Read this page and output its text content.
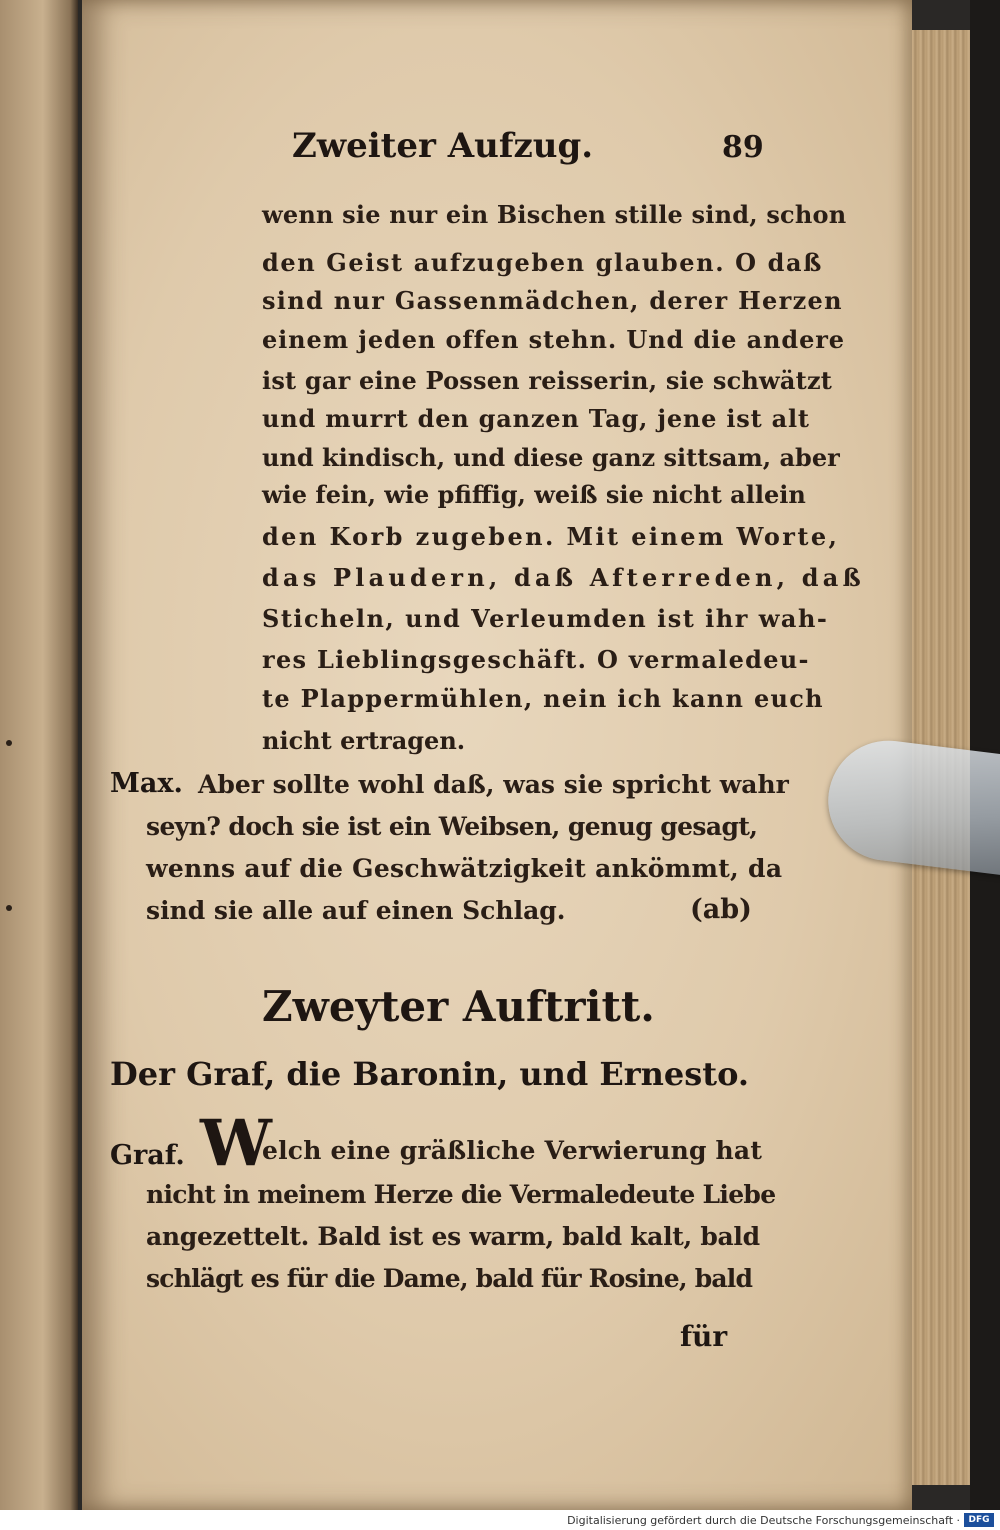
Zweiter Aufzug.	89
wenn sie nur ein Bischen stille sind, schon
den Geist aufzugeben glauben. O daß
sind nur Gassenmädchen, derer Herzen
einem jeden offen stehn. Und die andere
ist gar eine Possen reisserin, sie schwätzt
und murrt den ganzen Tag, jene ist alt
und kindisch, und diese ganz sittsam, aber
wie fein, wie pfiffig, weiß sie nicht allein
den Korb zugeben. Mit einem Worte,
das Plaudern, daß Afterreden, daß
Sticheln, und Verleumden ist ihr wah-
res Lieblingsgeschäft. O vermaledeu-
te Plappermühlen, nein ich kann euch
nicht ertragen.
Max. Aber sollte wohl daß, was sie spricht wahr
seyn? doch sie ist ein Weibsen, genug gesagt,
wenns auf die Geschwätzigkeit ankömmt, da
sind sie alle auf einen Schlag.	(ab)
Zweyter Auftritt.
Der Graf, die Baronin, und Ernesto.
Graf. W
elch eine gräßliche Verwierung hat
nicht in meinem Herze die Vermaledeute Liebe
angezettelt. Bald ist es warm, bald kalt, bald
schlägt es für die Dame, bald für Rosine, bald
für
Digitalisierung gefördert durch die Deutsche Forschungsgemeinschaft · DFG
